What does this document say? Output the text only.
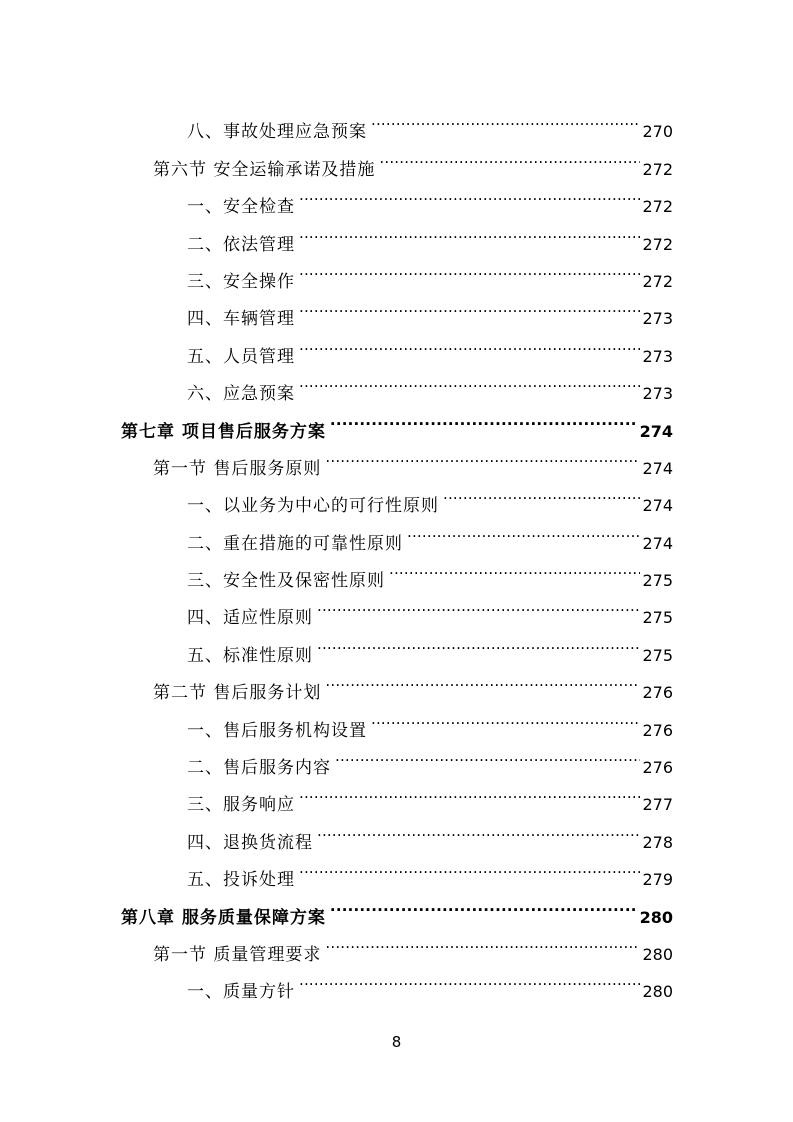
八、事故处理应急预案 .....	270
第六节 安全运输承诺及措施 .....	272
一、安全检查 .....	272
二、依法管理 .....	272
三、安全操作 .....	272
四、车辆管理 .....	273
五、人员管理 .....	273
六、应急预案 .....	273
第七章 项目售后服务方案 .....	274
第一节 售后服务原则 .....	274
一、以业务为中心的可行性原则 .....	274
二、重在措施的可靠性原则 .....	274
三、安全性及保密性原则 .....	275
四、适应性原则 .....	275
五、标准性原则 .....	275
第二节 售后服务计划 .....	276
一、售后服务机构设置 .....	276
二、售后服务内容 .....	276
三、服务响应 .....	277
四、退换货流程 .....	278
五、投诉处理 .....	279
第八章 服务质量保障方案 .....	280
第一节 质量管理要求 .....	280
一、质量方针 .....	280
8
